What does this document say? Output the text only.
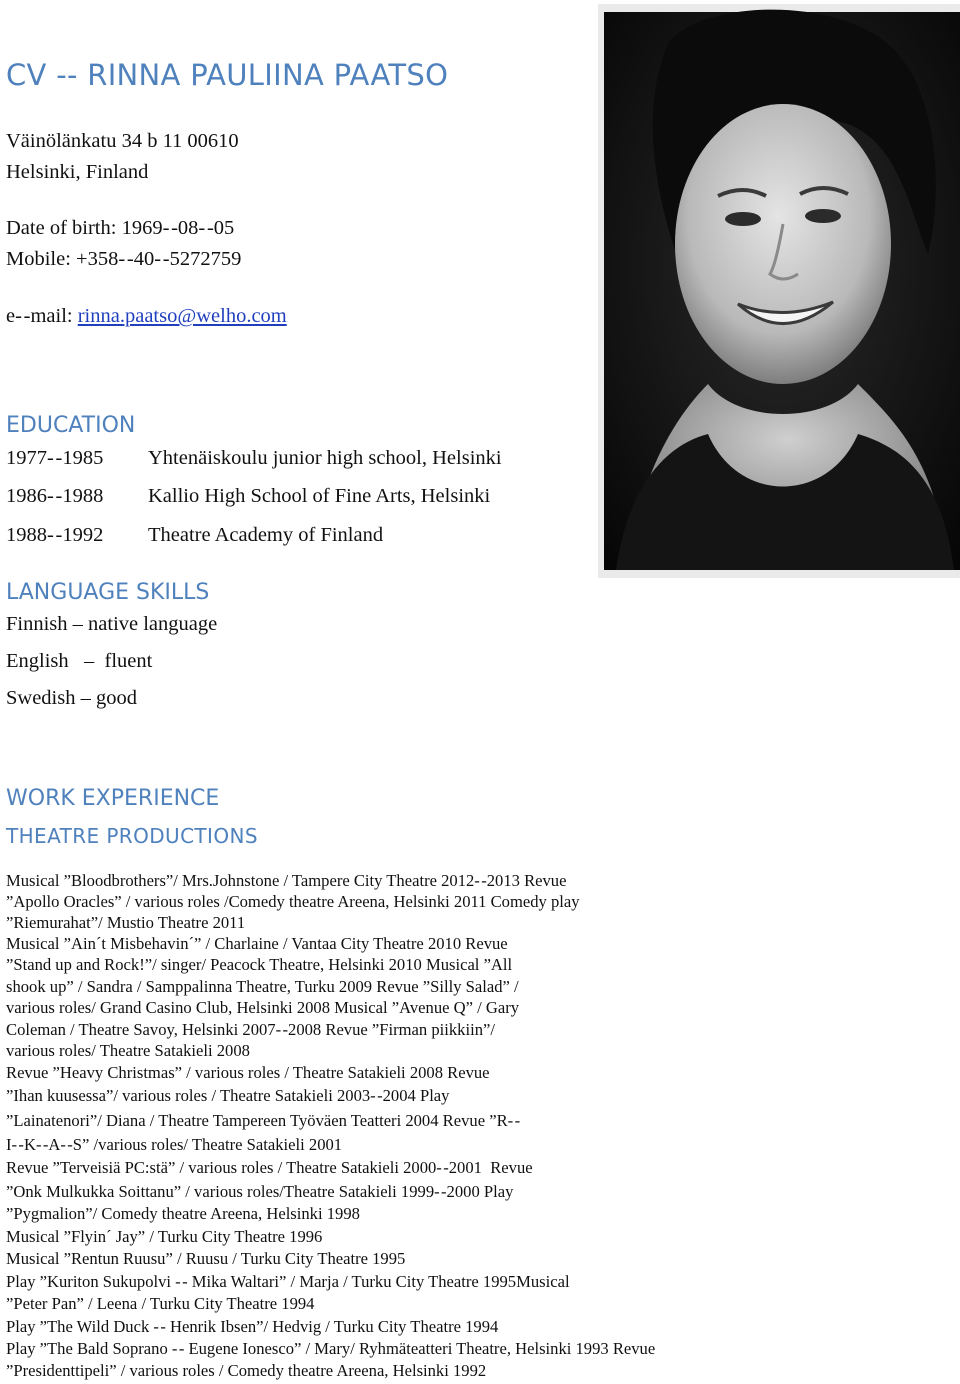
CV -- RINNA PAULIINA PAATSO
Väinölänkatu 34 b 11 00610
Helsinki, Finland
Date of birth: 1969- -08- -05
Mobile: +358- -40- -5272759
e- -mail: rinna.paatso@welho.com
EDUCATION
1977- -1985 Yhtenäiskoulu junior high school, Helsinki
1986- -1988 Kallio High School of Fine Arts, Helsinki
1988- -1992 Theatre Academy of Finland
LANGUAGE SKILLS
Finnish – native language
English   –  fluent
Swedish – good
WORK EXPERIENCE
THEATRE PRODUCTIONS
Musical ”Bloodbrothers”/ Mrs.Johnstone / Tampere City Theatre 2012- -2013 Revue
”Apollo Oracles” / various roles /Comedy theatre Areena, Helsinki 2011 Comedy play
”Riemurahat”/ Mustio Theatre 2011
Musical ”Ain´t Misbehavin´” / Charlaine / Vantaa City Theatre 2010 Revue
”Stand up and Rock!”/ singer/ Peacock Theatre, Helsinki 2010 Musical ”All
shook up” / Sandra / Samppalinna Theatre, Turku 2009 Revue ”Silly Salad” /
various roles/ Grand Casino Club, Helsinki 2008 Musical ”Avenue Q” / Gary
Coleman / Theatre Savoy, Helsinki 2007- -2008 Revue ”Firman piikkiin”/
various roles/ Theatre Satakieli 2008
Revue ”Heavy Christmas” / various roles / Theatre Satakieli 2008 Revue
”Ihan kuusessa”/ various roles / Theatre Satakieli 2003- -2004 Play
”Lainatenori”/ Diana / Theatre Tampereen Työväen Teatteri 2004 Revue ”R- -
I- -K- -A- -S” /various roles/ Theatre Satakieli 2001
Revue ”Terveisiä PC:stä” / various roles / Theatre Satakieli 2000- -2001  Revue
”Onk Mulkukka Soittanu” / various roles/Theatre Satakieli 1999- -2000 Play
”Pygmalion”/ Comedy theatre Areena, Helsinki 1998
Musical ”Flyin´ Jay” / Turku City Theatre 1996
Musical ”Rentun Ruusu” / Ruusu / Turku City Theatre 1995
Play ”Kuriton Sukupolvi - - Mika Waltari” / Marja / Turku City Theatre 1995Musical
”Peter Pan” / Leena / Turku City Theatre 1994
Play ”The Wild Duck - - Henrik Ibsen”/ Hedvig / Turku City Theatre 1994
Play ”The Bald Soprano - - Eugene Ionesco” / Mary/ Ryhmäteatteri Theatre, Helsinki 1993 Revue
”Presidenttipeli” / various roles / Comedy theatre Areena, Helsinki 1992
